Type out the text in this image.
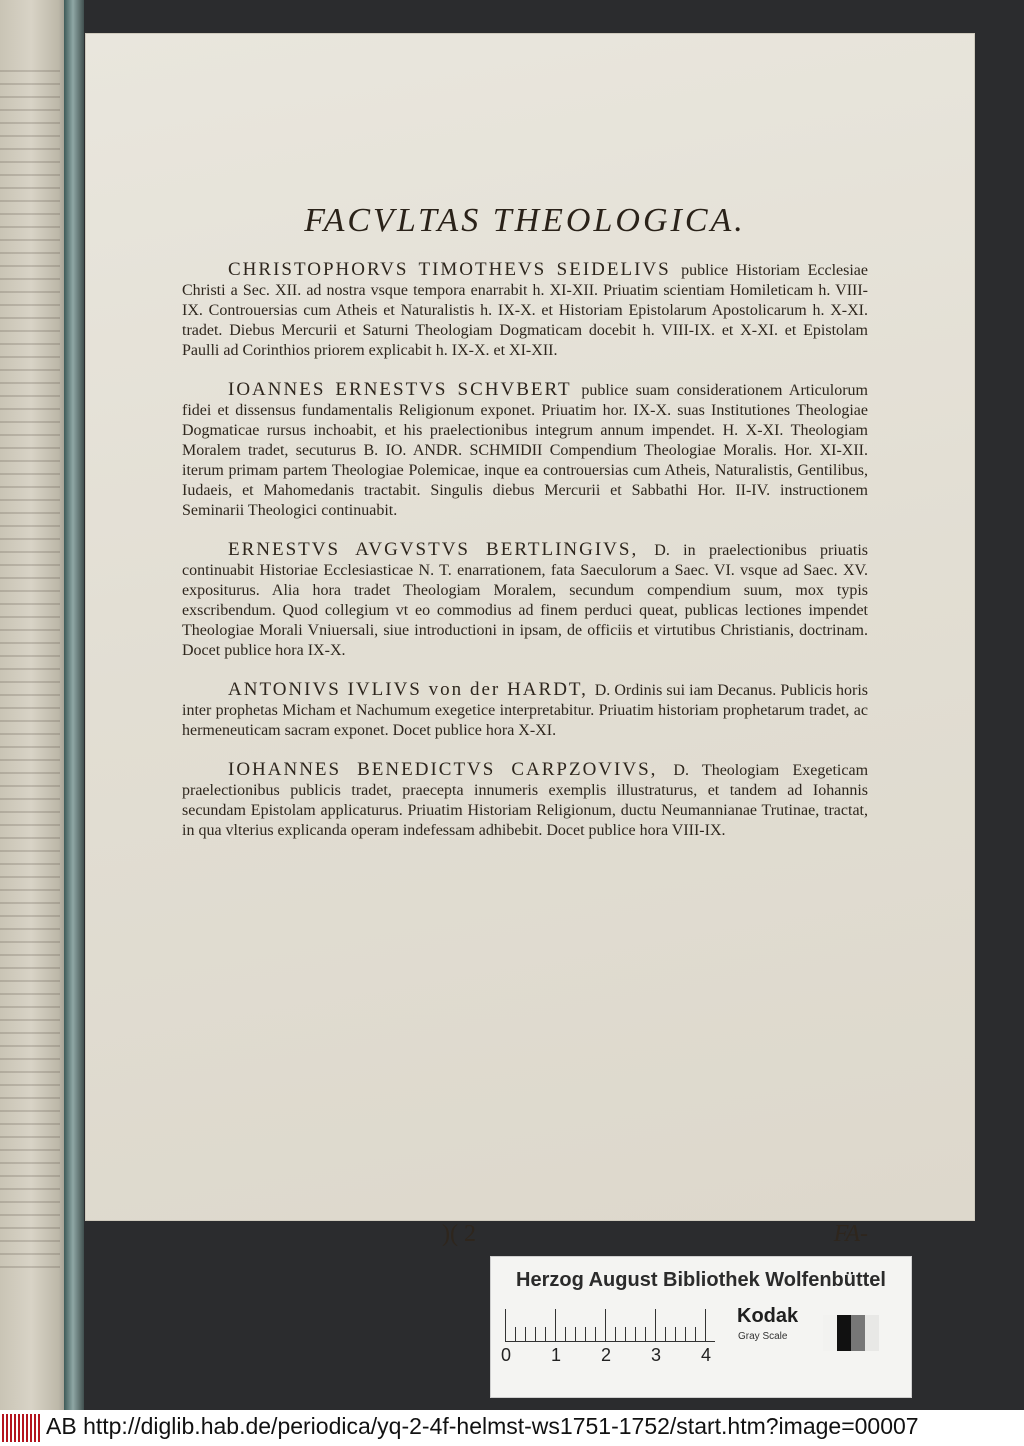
FACVLTAS THEOLOGICA.
CHRISTOPHORVS TIMOTHEVS SEIDELIVS publice Historiam Ecclesiae Christi a Sec. XII. ad nostra vsque tempora enarrabit h. XI-XII. Priuatim scientiam Homileticam h. VIII-IX. Controuersias cum Atheis et Naturalistis h. IX-X. et Historiam Epistolarum Apostolicarum h. X-XI. tradet. Diebus Mercurii et Saturni Theologiam Dogmaticam docebit h. VIII-IX. et X-XI. et Epistolam Paulli ad Corinthios priorem explicabit h. IX-X. et XI-XII.
IOANNES ERNESTVS SCHVBERT publice suam considerationem Articulorum fidei et dissensus fundamentalis Religionum exponet. Priuatim hor. IX-X. suas Institutiones Theologiae Dogmaticae rursus inchoabit, et his praelectionibus integrum annum impendet. H. X-XI. Theologiam Moralem tradet, secuturus B. IO. ANDR. SCHMIDII Compendium Theologiae Moralis. Hor. XI-XII. iterum primam partem Theologiae Polemicae, inque ea controuersias cum Atheis, Naturalistis, Gentilibus, Iudaeis, et Mahomedanis tractabit. Singulis diebus Mercurii et Sabbathi Hor. II-IV. instructionem Seminarii Theologici continuabit.
ERNESTVS AVGVSTVS BERTLINGIVS, D. in praelectionibus priuatis continuabit Historiae Ecclesiasticae N. T. enarrationem, fata Saeculorum a Saec. VI. vsque ad Saec. XV. expositurus. Alia hora tradet Theologiam Moralem, secundum compendium suum, mox typis exscribendum. Quod collegium vt eo commodius ad finem perduci queat, publicas lectiones impendet Theologiae Morali Vniuersali, siue introductioni in ipsam, de officiis et virtutibus Christianis, doctrinam. Docet publice hora IX-X.
ANTONIVS IVLIVS von der HARDT, D. Ordinis sui iam Decanus. Publicis horis inter prophetas Micham et Nachumum exegetice interpretabitur. Priuatim historiam prophetarum tradet, ac hermeneuticam sacram exponet. Docet publice hora X-XI.
IOHANNES BENEDICTVS CARPZOVIVS, D. Theologiam Exegeticam praelectionibus publicis tradet, praecepta innumeris exemplis illustraturus, et tandem ad Iohannis secundam Epistolam applicaturus. Priuatim Historiam Religionum, ductu Neumannianae Trutinae, tractat, in qua vlterius explicanda operam indefessam adhibebit. Docet publice hora VIII-IX.
)( 2	FA-
Herzog August Bibliothek Wolfenbüttel
0 1 2 3 4
Kodak
Gray Scale
AB http://diglib.hab.de/periodica/yq-2-4f-helmst-ws1751-1752/start.htm?image=00007
